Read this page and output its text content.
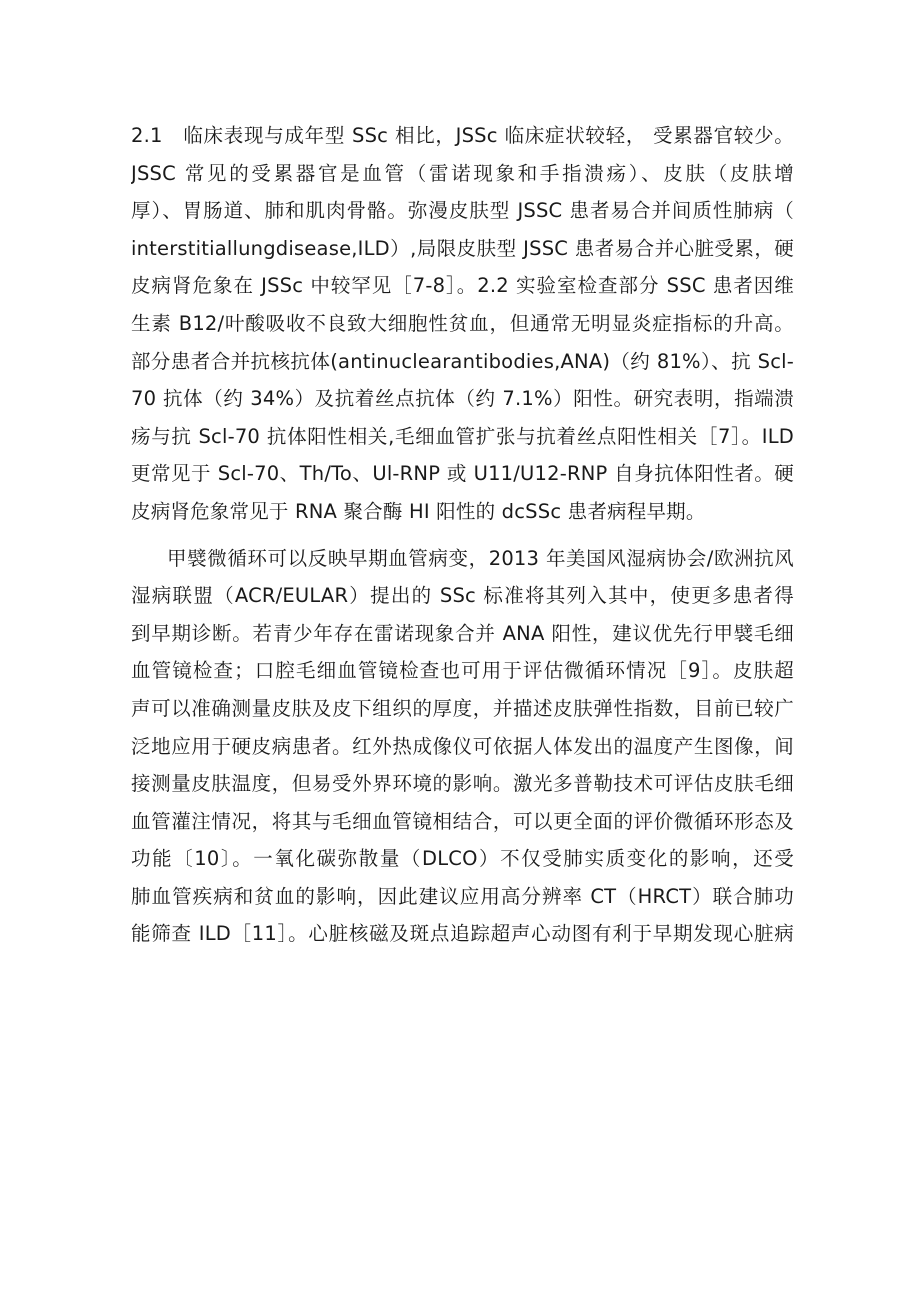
2.1　临床表现与成年型 SSc 相比，JSSc 临床症状较轻， 受累器官较少。
JSSC 常见的受累器官是血管（雷诺现象和手指溃疡）、皮肤（皮肤增
厚）、胃肠道、肺和肌肉骨骼。弥漫皮肤型 JSSC 患者易合并间质性肺病（
interstitiallungdisease,ILD）,局限皮肤型 JSSC 患者易合并心脏受累，硬
皮病肾危象在 JSSc 中较罕见［7-8］。2.2 实验室检查部分 SSC 患者因维
生素 B12/叶酸吸收不良致大细胞性贫血，但通常无明显炎症指标的升高。
部分患者合并抗核抗体(antinuclearantibodies,ANA)（约 81%）、抗 Scl-
70 抗体（约 34%）及抗着丝点抗体（约 7.1%）阳性。研究表明，指端溃
疡与抗 Scl-70 抗体阳性相关,毛细血管扩张与抗着丝点阳性相关［7］。ILD
更常见于 Scl-70、Th/To、Ul-RNP 或 U11/U12-RNP 自身抗体阳性者。硬
皮病肾危象常见于 RNA 聚合酶 HI 阳性的 dcSSc 患者病程早期。
甲襞微循环可以反映早期血管病变，2013 年美国风湿病协会/欧洲抗风
湿病联盟（ACR/EULAR）提出的 SSc 标准将其列入其中，使更多患者得
到早期诊断。若青少年存在雷诺现象合并 ANA 阳性，建议优先行甲襞毛细
血管镜检查；口腔毛细血管镜检查也可用于评估微循环情况［9］。皮肤超
声可以准确测量皮肤及皮下组织的厚度，并描述皮肤弹性指数，目前已较广
泛地应用于硬皮病患者。红外热成像仪可依据人体发出的温度产生图像，间
接测量皮肤温度，但易受外界环境的影响。激光多普勒技术可评估皮肤毛细
血管灌注情况，将其与毛细血管镜相结合，可以更全面的评价微循环形态及
功能〔10〕。一氧化碳弥散量（DLCO）不仅受肺实质变化的影响，还受
肺血管疾病和贫血的影响，因此建议应用高分辨率 CT（HRCT）联合肺功
能筛查 ILD［11］。心脏核磁及斑点追踪超声心动图有利于早期发现心脏病
